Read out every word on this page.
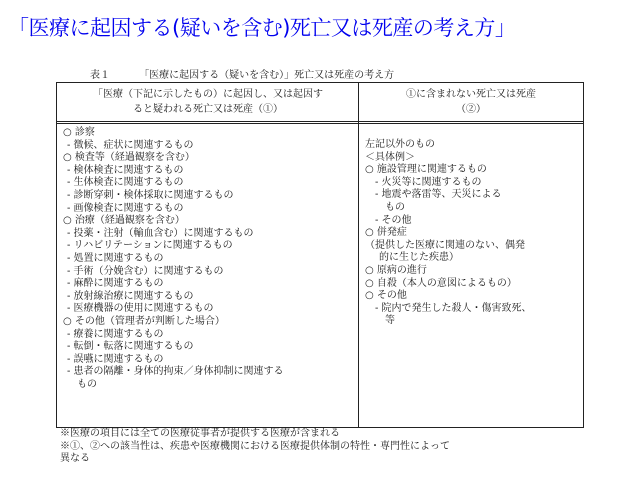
「医療に起因する(疑いを含む)死亡又は死産の考え方」
表１	「医療に起因する（疑いを含む）」死亡又は死産の考え方
「医療（下記に示したもの）に起因し、又は起因す
ると疑われる死亡又は死産（①）
①に含まれない死亡又は死産
（②）
○ 診察
- 徴候、症状に関連するもの
○ 検査等（経過観察を含む）
- 検体検査に関連するもの
- 生体検査に関連するもの
- 診断穿刺・検体採取に関連するもの
- 画像検査に関連するもの
○ 治療（経過観察を含む）
- 投薬・注射（輸血含む）に関連するもの
- リハビリテーションに関連するもの
- 処置に関連するもの
- 手術（分娩含む）に関連するもの
- 麻酔に関連するもの
- 放射線治療に関連するもの
- 医療機器の使用に関連するもの
○ その他（管理者が判断した場合）
- 療養に関連するもの
- 転倒・転落に関連するもの
- 誤嚥に関連するもの
- 患者の隔離・身体的拘束／身体抑制に関連する
もの
左記以外のもの
＜具体例＞
○ 施設管理に関連するもの
- 火災等に関連するもの
- 地震や落雷等、天災による
もの
- その他
○ 併発症
（提供した医療に関連のない、偶発
的に生じた疾患）
○ 原病の進行
○ 自殺（本人の意図によるもの）
○ その他
- 院内で発生した殺人・傷害致死、
等
※医療の項目には全ての医療従事者が提供する医療が含まれる
※①、②への該当性は、疾患や医療機関における医療提供体制の特性・専門性によって
異なる
